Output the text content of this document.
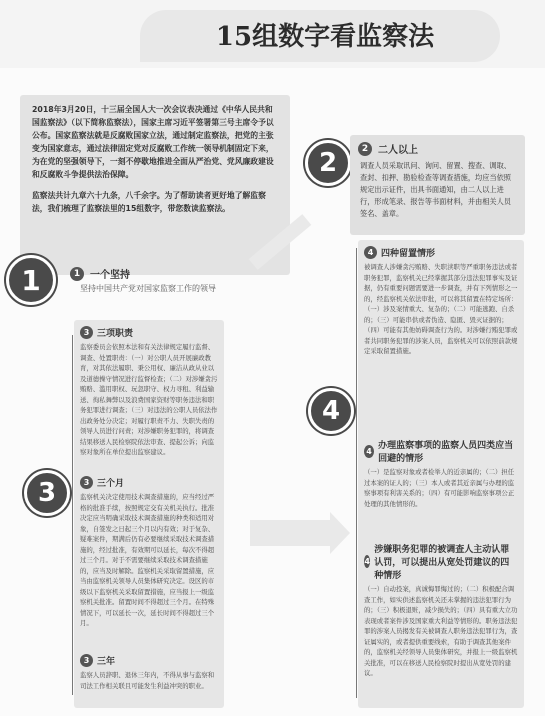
15组数字看监察法

2018年3月20日，十三届全国人大一次会议表决通过《中华人民共和国监察法》（以下简称监察法），国家主席习近平签署第三号主席令予以公布。国家监察法就是反腐败国家立法，通过制定监察法，把党的主张变为国家意志，通过法律固定党对反腐败工作统一领导机制固定下来，为在党的坚强领导下，一刻不停歇地推进全面从严治党、党风廉政建设和反腐败斗争提供法治保障。

监察法共计九章六十九条，八千余字。为了帮助读者更好地了解监察法，我们梳理了监察法里的15组数字，带您数读监察法。

1	1 一个坚持
坚持中国共产党对国家监察工作的领导
2	2 二人以上

调查人员采取讯问、询问、留置、搜查、调取、查封、扣押、勘验检查等调查措施，均应当依照规定出示证件，出具书面通知，由二人以上进行，形成笔录、报告等书面材料，并由相关人员签名、盖章。

3
3 三项职责
监察委员会依照本法和有关法律规定履行监督、调查、处置职责：（一）对公职人员开展廉政教育，对其依法履职、秉公用权、廉洁从政从业以及道德操守情况进行监督检查；（二）对涉嫌贪污贿赂、滥用职权、玩忽职守、权力寻租、利益输送、徇私舞弊以及浪费国家资财等职务违法和职务犯罪进行调查；（三）对违法的公职人员依法作出政务处分决定；对履行职责不力、失职失责的领导人员进行问责；对涉嫌职务犯罪的，将调查结果移送人民检察院依法审查、提起公诉；向监察对象所在单位提出监察建议。
3 三个月
监察机关决定使用技术调查措施的，应当经过严格的批准手续，按照规定交有关机关执行。批准决定应当明确采取技术调查措施的种类和适用对象，自签发之日起三个月以内有效；对于复杂、疑难案件，期满后仍有必要继续采取技术调查措施的，经过批准，有效期可以延长，每次不得超过三个月。对于不需要继续采取技术调查措施的，应当及时解除。监察机关采取留置措施，应当由监察机关领导人员集体研究决定。设区的市级以下监察机关采取留置措施，应当报上一级监察机关批准。留置时间不得超过三个月。在特殊情况下，可以延长一次，延长时间不得超过三个月。
3 三年
监察人员辞职、退休三年内，不得从事与监察和司法工作相关联且可能发生利益冲突的职业。
4
4 四种留置情形
被调查人涉嫌贪污贿赂、失职渎职等严重职务违法或者职务犯罪，监察机关已经掌握其部分违法犯罪事实及证据，仍有重要问题需要进一步调查，并有下列情形之一的，经监察机关依法审批，可以将其留置在特定场所：（一）涉及案情重大、复杂的；（二）可能逃跑、自杀的；（三）可能串供或者伪造、隐匿、毁灭证据的；（四）可能有其他妨碍调查行为的。对涉嫌行贿犯罪或者共同职务犯罪的涉案人员，监察机关可以依照前款规定采取留置措施。
4 办理监察事项的监察人员四类应当回避的情形
（一）是监察对象或者检举人的近亲属的；（二）担任过本案的证人的；（三）本人或者其近亲属与办理的监察事项有利害关系的；（四）有可能影响监察事项公正处理的其他情形的。
4
涉嫌职务犯罪的被调查人主动认罪认罚，可以提出从宽处罚建议的四种情形
（一）自动投案，真诚悔罪悔过的；（二）积极配合调查工作，如实供述监察机关还未掌握的违法犯罪行为的；（三）积极退赃，减少损失的；（四）具有重大立功表现或者案件涉及国家重大利益等情形的。职务违法犯罪的涉案人员揭发有关被调查人职务违法犯罪行为，查证属实的，或者提供重要线索，有助于调查其他案件的，监察机关经领导人员集体研究，并报上一级监察机关批准，可以在移送人民检察院时提出从宽处罚的建议。
